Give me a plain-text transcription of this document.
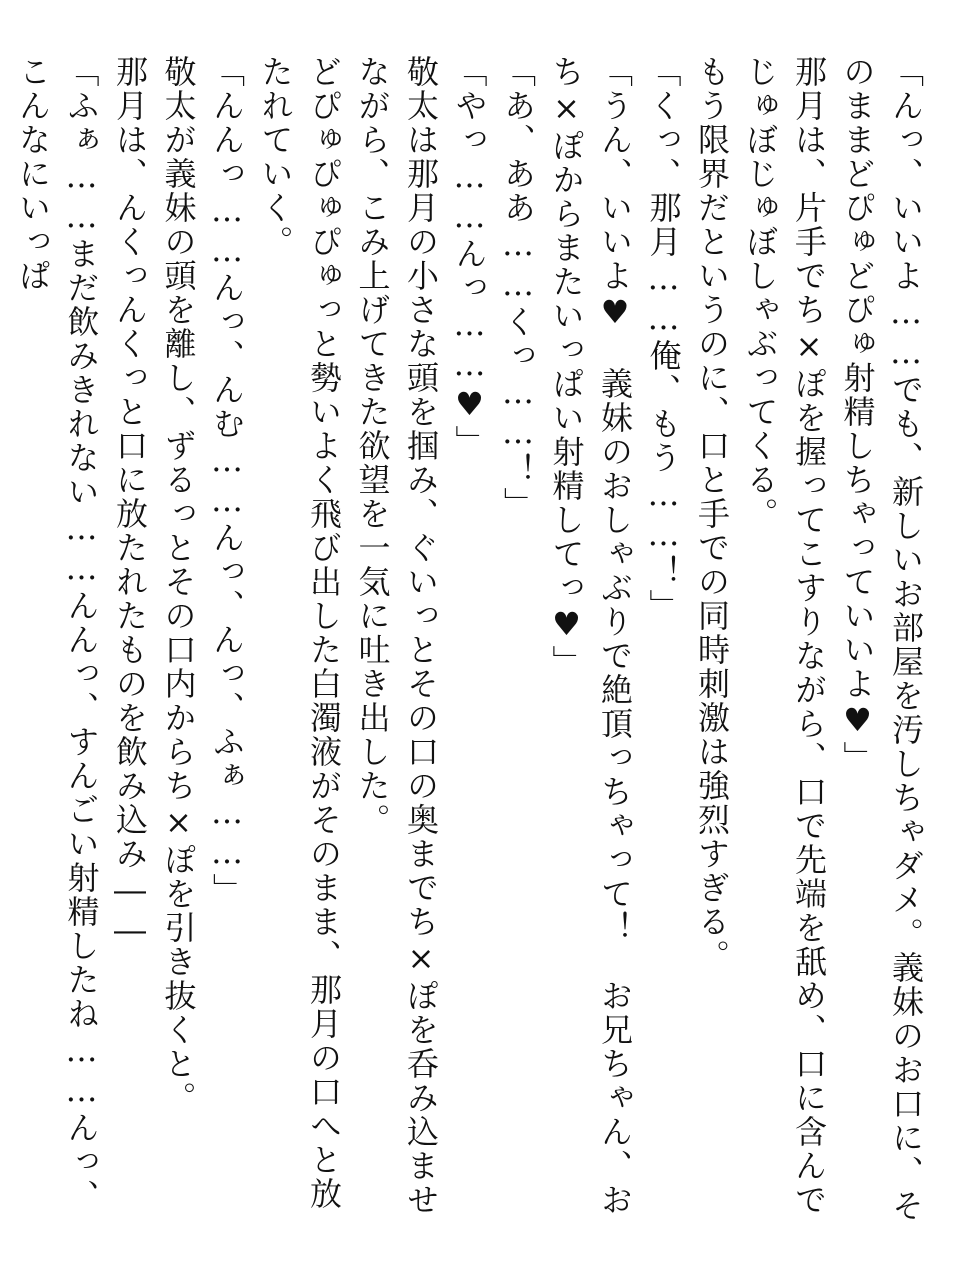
「んっ、いいよ……でも、新しいお部屋を汚しちゃダメ。義妹のお口に、そのままどぴゅどぴゅ射精しちゃっていいよ♥」

那月は、片手でち×ぽを握ってこすりながら、口で先端を舐め、口に含んでじゅぼじゅぼしゃぶってくる。

もう限界だというのに、口と手での同時刺激は強烈すぎる。

「くっ、那月……俺、もう……！」

「うん、いいよ♥　義妹のおしゃぶりで絶頂っちゃって！　お兄ちゃん、おち×ぽからまたいっぱい射精してっ♥」

「あ、ああ……くっ……！」

「やっ……んっ……♥」

敬太は那月の小さな頭を掴み、ぐいっとその口の奥までち×ぽを呑み込ませながら、こみ上げてきた欲望を一気に吐き出した。

どぴゅぴゅぴゅっと勢いよく飛び出した白濁液がそのまま、那月の口へと放たれていく。

「んんっ……んっ、んむ……んっ、んっ、ふぁ……」

敬太が義妹の頭を離し、ずるっとその口内からち×ぽを引き抜くと。

那月は、んくっんくっと口に放たれたものを飲み込み――

「ふぁ……まだ飲みきれない……んんっ、すんごい射精したね……んっ、こんなにいっぱ
